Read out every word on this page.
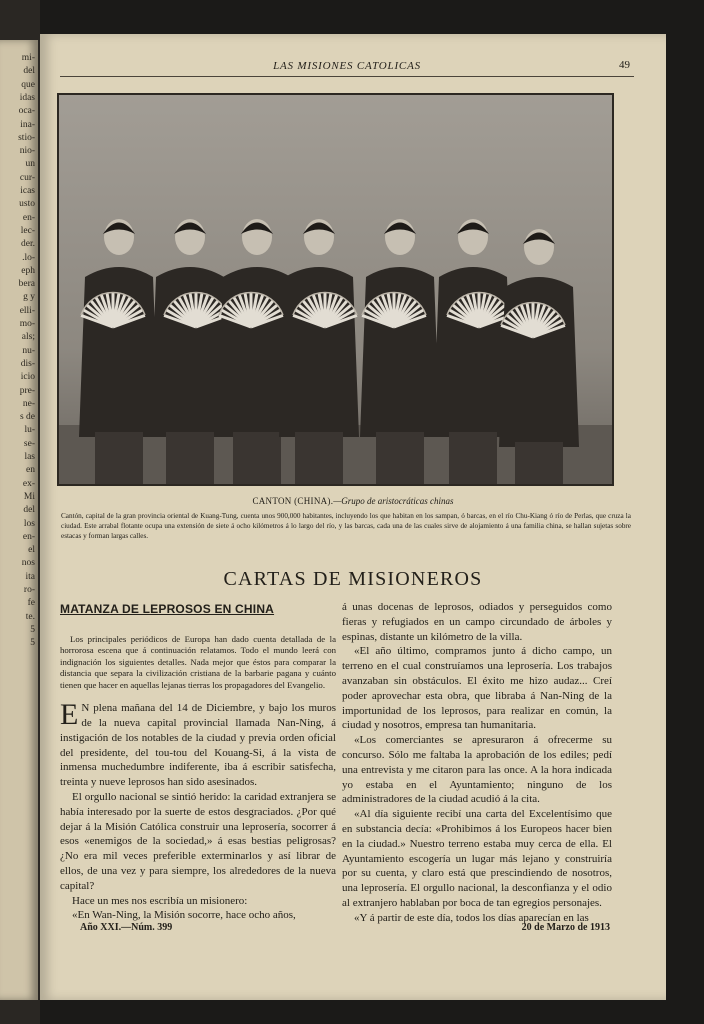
mi-
del
que
idas
oca-
ina-
stio-
nio-
un
cur-
icas
usto
en-
lec-
der.
.lo-
eph
bera
g y
elli-
mo-
als;
nu-
dis-
icio
pre-
ne-
s de
lu-
se-
las
en
ex-
Mi
del
los
en-
el
nos
ita
ro-
fe
te.
5
5
LAS MISIONES CATOLICAS	49
CANTON (CHINA).—Grupo de aristocráticas chinas
Cantón, capital de la gran provincia oriental de Kuang-Tung, cuenta unos 900,000 habitantes, incluyendo los que habitan en los sampan, ó barcas, en el río Chu-Kiang ó río de Perlas, que cruza la ciudad. Este arrabal flotante ocupa una extensión de siete á ocho kilómetros á lo largo del río, y las barcas, cada una de las cuales sirve de alojamiento á una familia china, se hallan sujetas sobre estacas y forman largas calles.
CARTAS DE MISIONEROS
MATANZA DE LEPROSOS EN CHINA

Los principales periódicos de Europa han dado cuenta detallada de la horrorosa escena que á continuación relatamos. Todo el mundo leerá con indignación los siguientes detalles. Nada mejor que éstos para comparar la distancia que separa la civilización cristiana de la barbarie pagana y cuánto tienen que hacer en aquellas lejanas tierras los propagadores del Evangelio.

E N plena mañana del 14 de Diciembre, y bajo los muros de la nueva capital provincial llamada Nan-Ning, á instigación de los notables de la ciudad y previa orden oficial del presidente, del tou-tou del Kouang-Si, á la vista de inmensa muchedumbre indiferente, iba á escribir satisfecha, treinta y nueve leprosos han sido asesinados.

El orgullo nacional se sintió herido: la caridad extranjera se había interesado por la suerte de estos desgraciados. ¿Por qué dejar á la Misión Católica construir una leprosería, socorrer á esos «enemigos de la sociedad,» á esas bestias peligrosas? ¿No era mil veces preferible exterminarlos y así librar de ellos, de una vez y para siempre, los alrededores de la nueva capital?

Hace un mes nos escribía un misionero:

«En Wan-Ning, la Misión socorre, hace ocho años,

á unas docenas de leprosos, odiados y perseguidos como fieras y refugiados en un campo circundado de árboles y espinas, distante un kilómetro de la villa.

«El año último, compramos junto á dicho campo, un terreno en el cual construíamos una leprosería. Los trabajos avanzaban sin obstáculos. El éxito me hizo audaz... Creí poder aprovechar esta obra, que libraba á Nan-Ning de la importunidad de los leprosos, para realizar en común, la ciudad y nosotros, empresa tan humanitaria.

«Los comerciantes se apresuraron á ofrecerme su concurso. Sólo me faltaba la aprobación de los ediles; pedí una entrevista y me citaron para las once. A la hora indicada yo estaba en el Ayuntamiento; ninguno de los administradores de la ciudad acudió á la cita.

«Al día siguiente recibí una carta del Excelentísimo que en substancia decía: «Prohibimos á los Europeos hacer bien en la ciudad.» Nuestro terreno estaba muy cerca de ella. El Ayuntamiento escogería un lugar más lejano y construiría por su cuenta, y claro está que prescindiendo de nosotros, una leprosería. El orgullo nacional, la desconfianza y el odio al extranjero hablaban por boca de tan egregios personajes.

«Y á partir de este día, todos los días aparecían en las

Año XXI.—Núm. 399	20 de Marzo de 1913
